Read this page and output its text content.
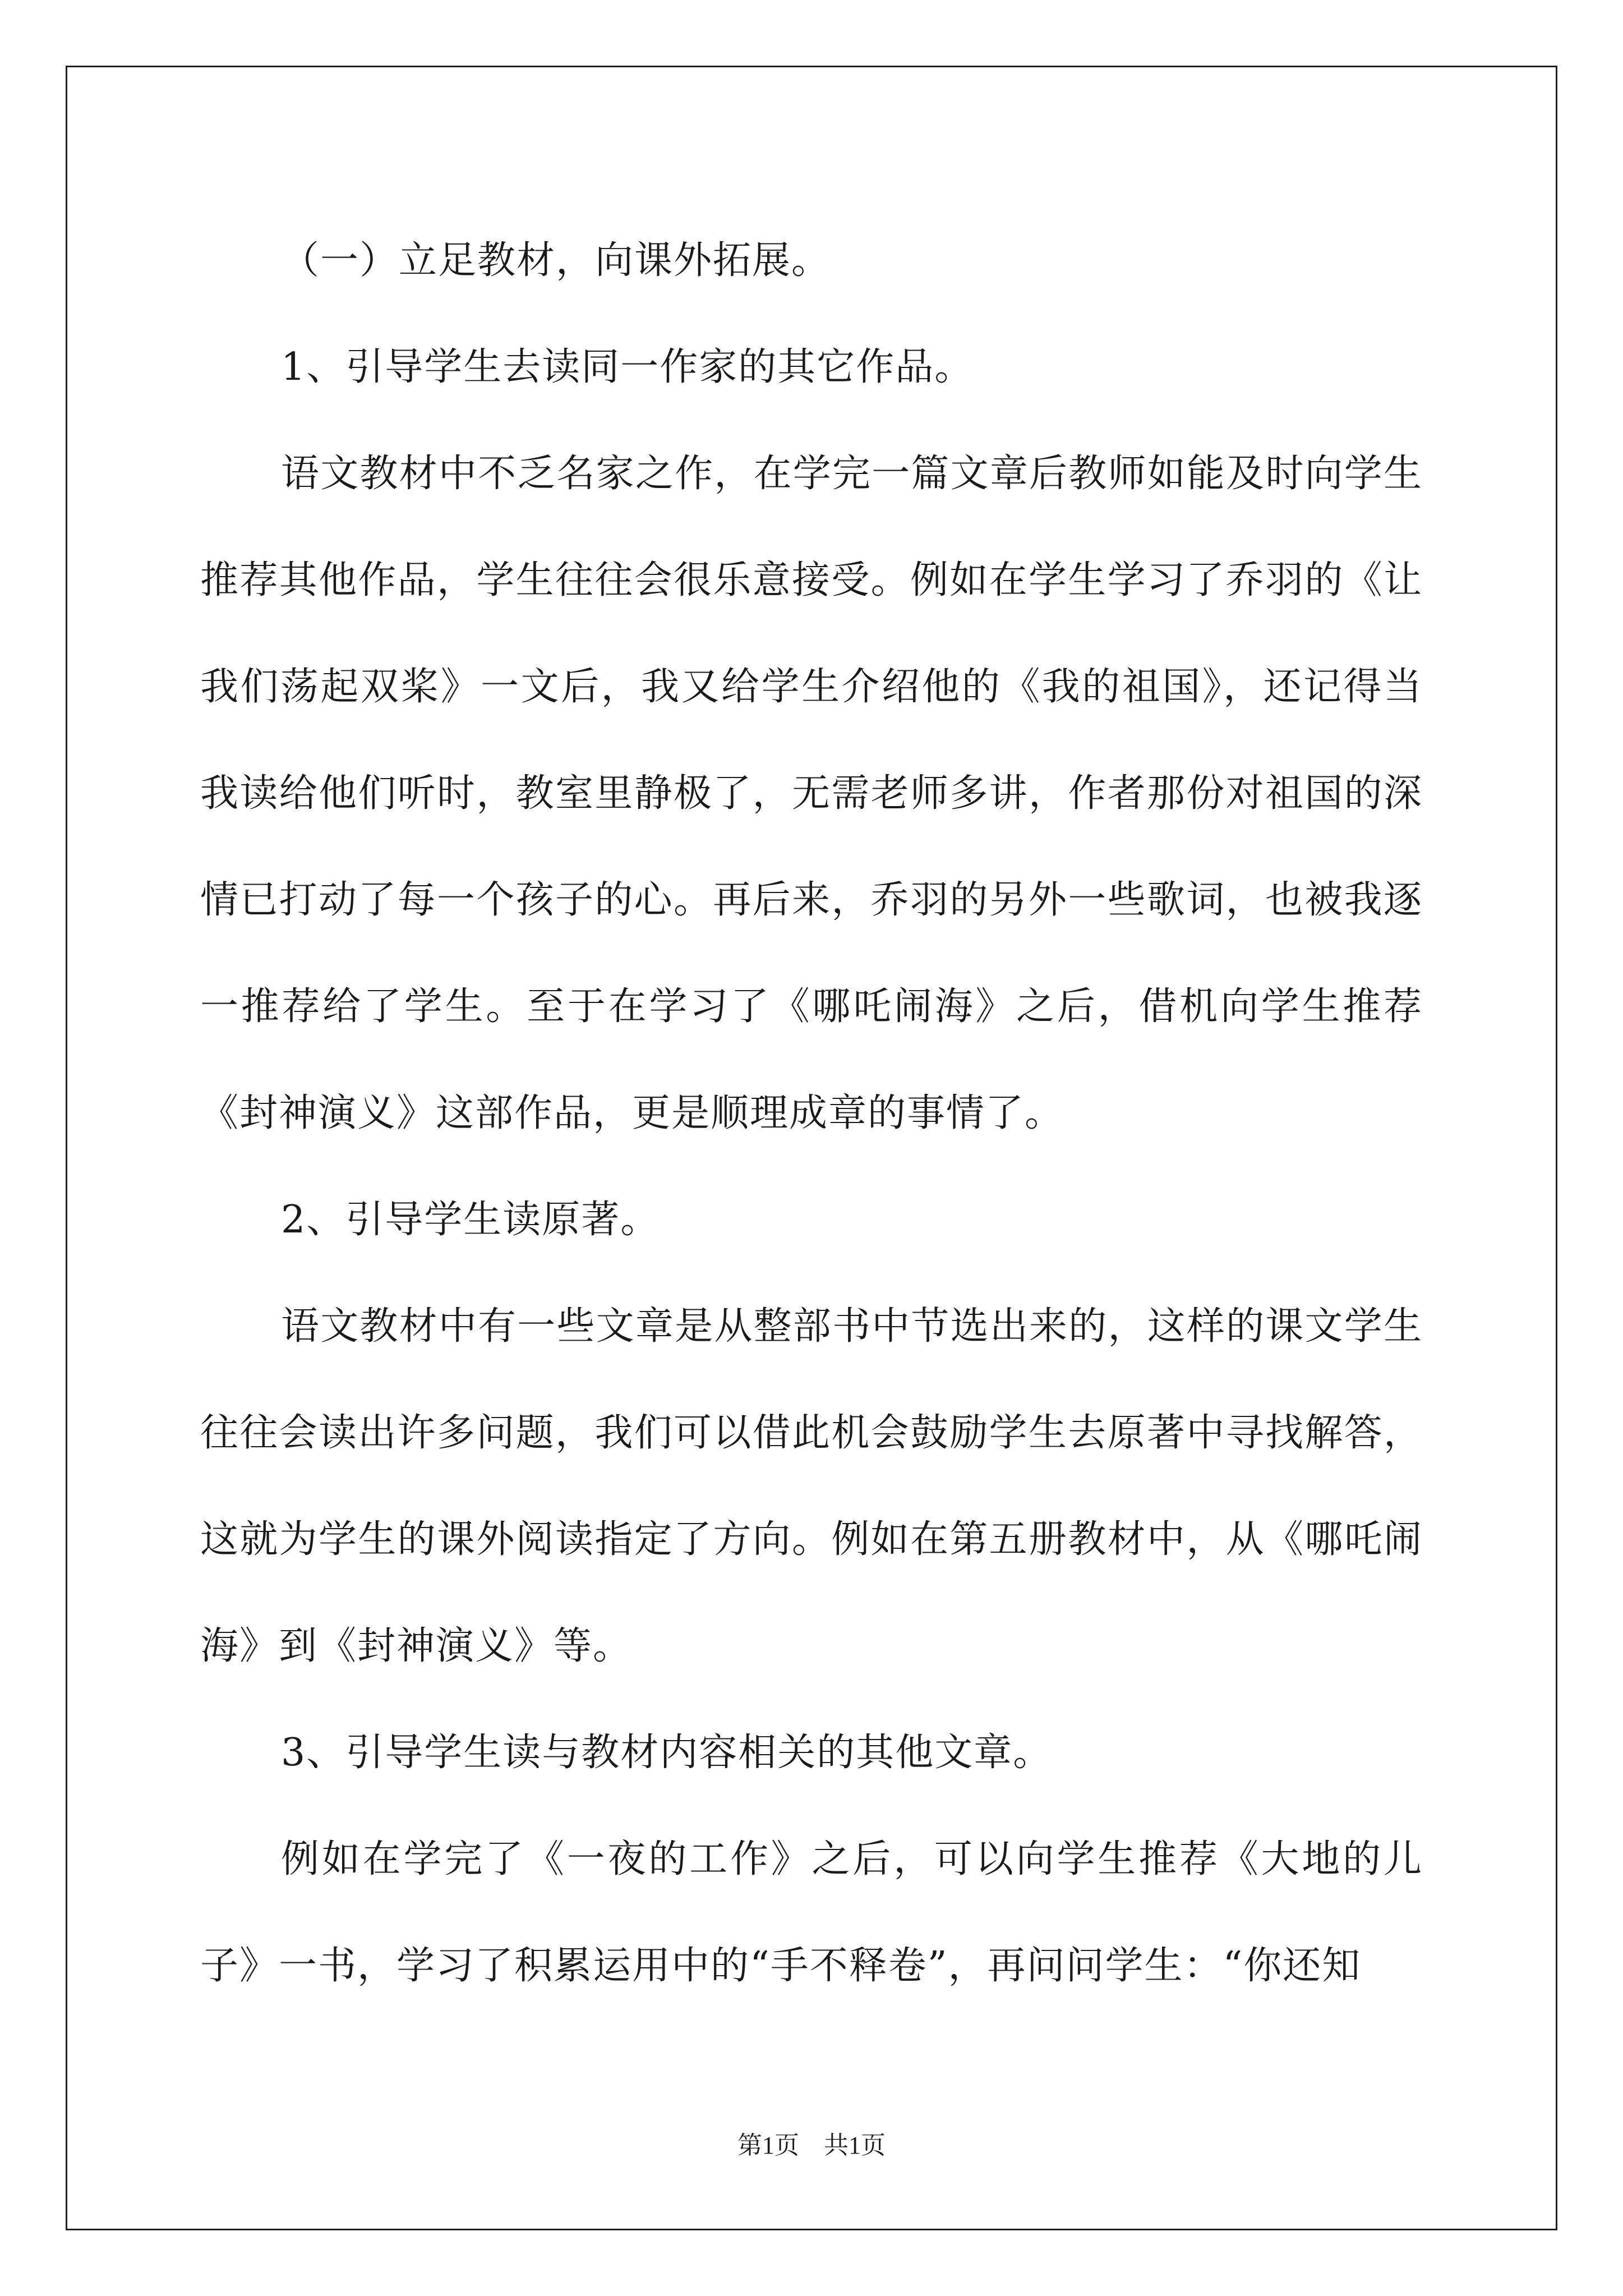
（一）立足教材，向课外拓展。

1、引导学生去读同一作家的其它作品。

语文教材中不乏名家之作，在学完一篇文章后教师如能及时向学生推荐其他作品，学生往往会很乐意接受。例如在学生学习了乔羽的《让我们荡起双桨》一文后，我又给学生介绍他的《我的祖国》，还记得当我读给他们听时，教室里静极了，无需老师多讲，作者那份对祖国的深情已打动了每一个孩子的心。再后来，乔羽的另外一些歌词，也被我逐一推荐给了学生。至于在学习了《哪吒闹海》之后，借机向学生推荐《封神演义》这部作品，更是顺理成章的事情了。

2、引导学生读原著。

语文教材中有一些文章是从整部书中节选出来的，这样的课文学生往往会读出许多问题，我们可以借此机会鼓励学生去原著中寻找解答，这就为学生的课外阅读指定了方向。例如在第五册教材中，从《哪吒闹海》到《封神演义》等。

3、引导学生读与教材内容相关的其他文章。

例如在学完了《一夜的工作》之后，可以向学生推荐《大地的儿子》一书，学习了积累运用中的“手不释卷”，再问问学生：“你还知

第1页 共1页
